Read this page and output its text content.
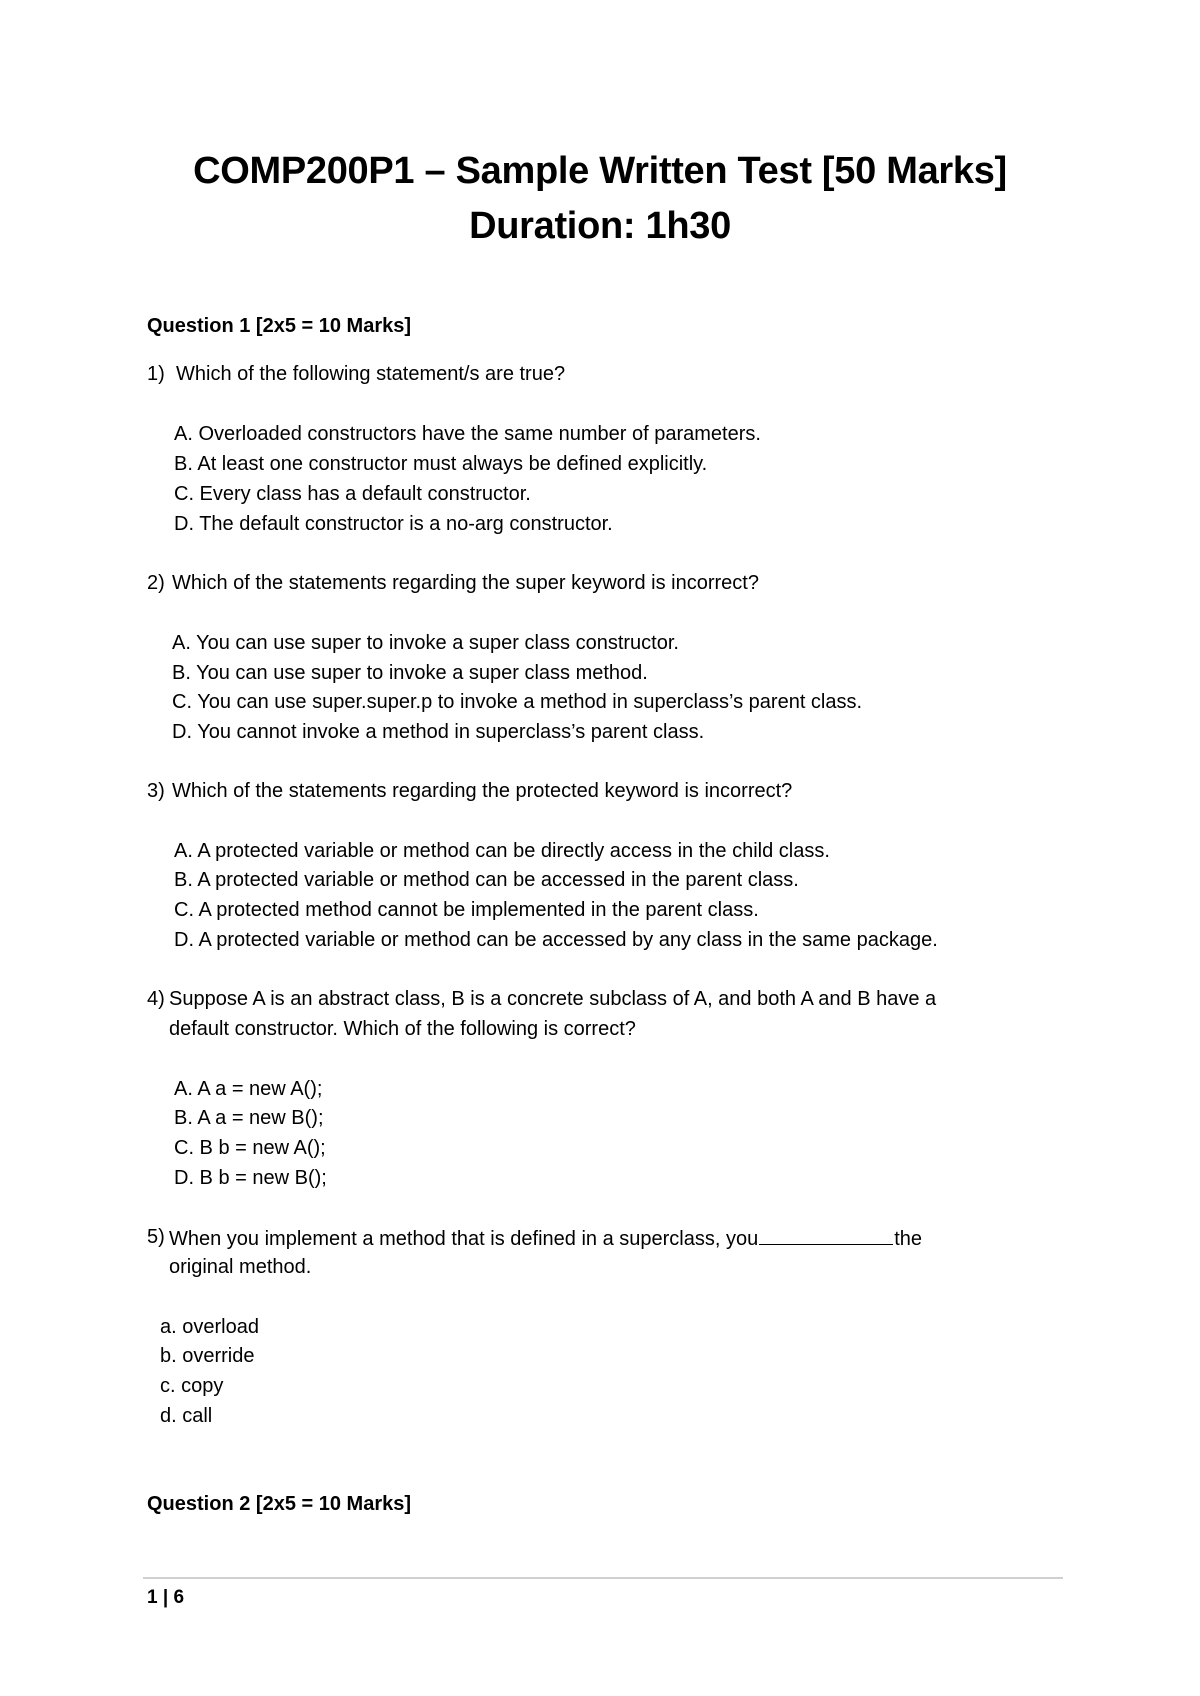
COMP200P1 – Sample Written Test [50 Marks]
Duration: 1h30
Question 1 [2x5 = 10 Marks]
1) Which of the following statement/s are true?
A. Overloaded constructors have the same number of parameters.
B. At least one constructor must always be defined explicitly.
C. Every class has a default constructor.
D. The default constructor is a no-arg constructor.
2) Which of the statements regarding the super keyword is incorrect?
A. You can use super to invoke a super class constructor.
B. You can use super to invoke a super class method.
C. You can use super.super.p to invoke a method in superclass’s parent class.
D. You cannot invoke a method in superclass’s parent class.
3) Which of the statements regarding the protected keyword is incorrect?
A. A protected variable or method can be directly access in the child class.
B. A protected variable or method can be accessed in the parent class.
C. A protected method cannot be implemented in the parent class.
D. A protected variable or method can be accessed by any class in the same package.
4) Suppose A is an abstract class, B is a concrete subclass of A, and both A and B have a
default constructor. Which of the following is correct?
A. A a = new A();
B. A a = new B();
C. B b = new A();
D. B b = new B();
5) When you implement a method that is defined in a superclass, you	the
original method.
a. overload
b. override
c. copy
d. call
Question 2 [2x5 = 10 Marks]
1 | 6
